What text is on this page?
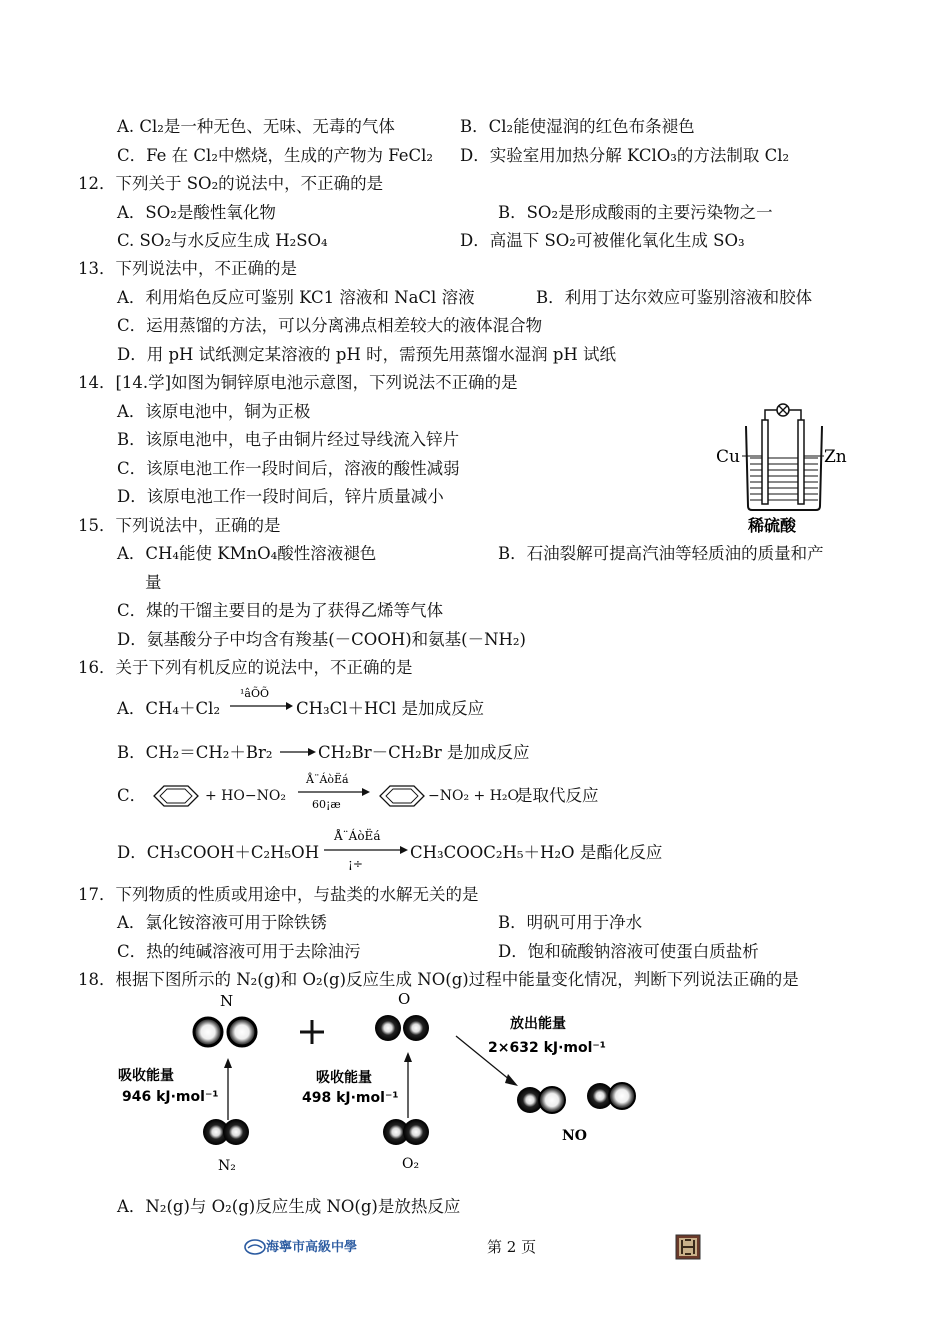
A. Cl₂是一种无色、无味、无毒的气体	B．Cl₂能使湿润的红色布条褪色
C．Fe 在 Cl₂中燃烧，生成的产物为 FeCl₂ D．实验室用加热分解 KClO₃的方法制取 Cl₂
12．下列关于 SO₂的说法中，不正确的是
A．SO₂是酸性氧化物	B．SO₂是形成酸雨的主要污染物之一
C. SO₂与水反应生成 H₂SO₄	D．高温下 SO₂可被催化氧化生成 SO₃
13．下列说法中，不正确的是
A．利用焰色反应可鉴别 KC1 溶液和 NaCl 溶液	B．利用丁达尔效应可鉴别溶液和胶体
C．运用蒸馏的方法，可以分离沸点相差较大的液体混合物
D．用 pH 试纸测定某溶液的 pH 时，需预先用蒸馏水湿润 pH 试纸
14．[14.学]如图为铜锌原电池示意图，下列说法不正确的是
A．该原电池中，铜为正极
B．该原电池中，电子由铜片经过导线流入锌片
C．该原电池工作一段时间后，溶液的酸性减弱
D．该原电池工作一段时间后，锌片质量减小
Cu	Zn
稀硫酸
15．下列说法中，正确的是
A．CH₄能使 KMnO₄酸性溶液褪色	B．石油裂解可提高汽油等轻质油的质量和产
量
C．煤的干馏主要目的是为了获得乙烯等气体
D．氨基酸分子中均含有羧基(－COOH)和氨基(－NH₂)
16．关于下列有机反应的说法中，不正确的是
A．CH₄＋Cl₂
¹âÕÕ
CH₃Cl＋HCl 是加成反应
B．CH₂＝CH₂＋Br₂	CH₂Br－CH₂Br 是加成反应
C．	+ HO−NO₂
Å¨ÁòËá
60¡æ
−NO₂ + H₂O
是取代反应
D．CH₃COOH＋C₂H₅OH
Å¨ÁòËá
¡÷
CH₃COOC₂H₅＋H₂O 是酯化反应
17．下列物质的性质或用途中，与盐类的水解无关的是
A．氯化铵溶液可用于除铁锈	B．明矾可用于净水
C．热的纯碱溶液可用于去除油污	D．饱和硫酸钠溶液可使蛋白质盐析
18．根据下图所示的 N₂(g)和 O₂(g)反应生成 NO(g)过程中能量变化情况，判断下列说法正确的是
N	O
吸收能量
946 kJ·mol⁻¹
吸收能量
498 kJ·mol⁻¹
N₂	O₂
放出能量
2×632 kJ·mol⁻¹
NO
A．N₂(g)与 O₂(g)反应生成 NO(g)是放热反应
海寧市高級中學	第 2 页
